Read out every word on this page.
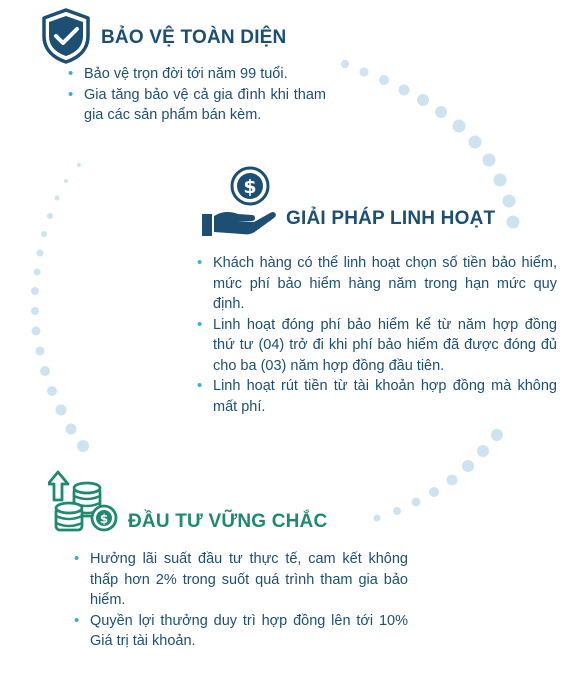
BẢO VỆ TOÀN DIỆN
• Bảo vệ trọn đời tới năm 99 tuổi.
• Gia tăng bảo vệ cả gia đình khi tham gia các sản phẩm bán kèm.
$
GIẢI PHÁP LINH HOẠT
• Khách hàng có thể linh hoạt chọn số tiền bảo hiểm, mức phí bảo hiểm hàng năm trong hạn mức quy định.
• Linh hoạt đóng phí bảo hiểm kể từ năm hợp đồng thứ tư (04) trở đi khi phí bảo hiểm đã được đóng đủ cho ba (03) năm hợp đồng đầu tiên.
• Linh hoạt rút tiền từ tài khoản hợp đồng mà không mất phí.
$ ĐẦU TƯ VỮNG CHẮC
• Hưởng lãi suất đầu tư thực tế, cam kết không thấp hơn 2% trong suốt quá trình tham gia bảo hiểm.
• Quyền lợi thưởng duy trì hợp đồng lên tới 10% Giá trị tài khoản.
